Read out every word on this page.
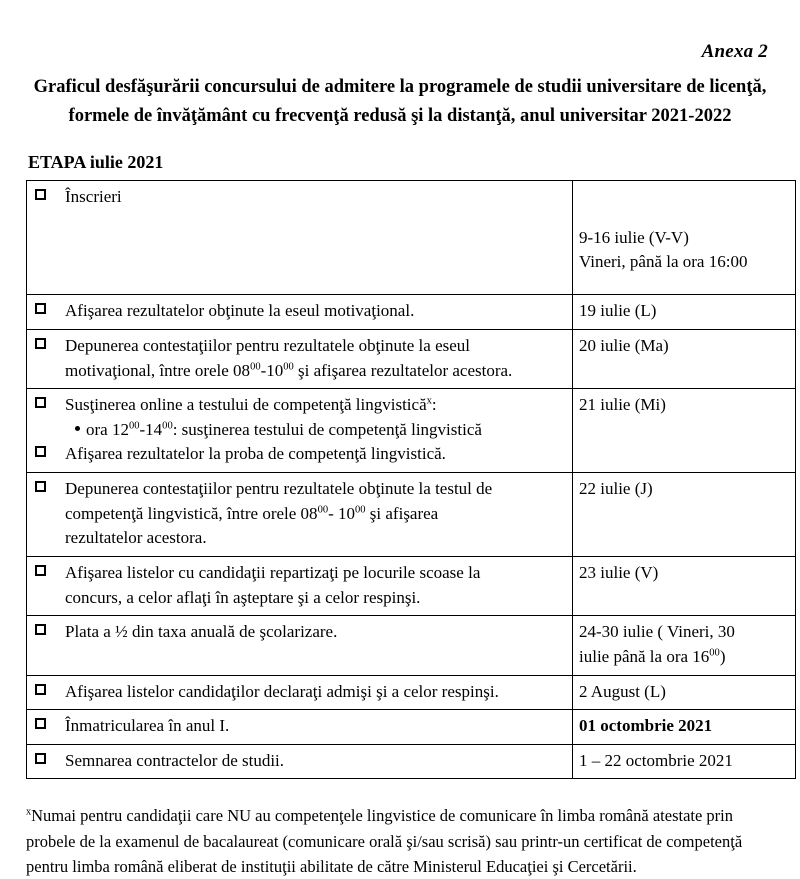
Anexa 2
Graficul desfăşurării concursului de admitere la programele de studii universitare de licenţă,
formele de învăţământ cu frecvenţă redusă şi la distanţă, anul universitar 2021-2022
ETAPA iulie 2021
Înscrieri	9-16 iulie (V-V)
Vineri, până la ora 16:00

Afişarea rezultatelor obţinute la eseul motivaţional.	19 iulie (L)

Depunerea contestaţiilor pentru rezultatele obţinute la eseul
motivaţional, între orele $08^{00}-10^{00}$ şi afişarea rezultatelor acestora.	20 iulie (Ma)

Susţinerea online a testului de competenţă lingvistică$^x$:
ora $12^{00}-14^{00}$: susţinerea testului de competenţă lingvistică
Afişarea rezultatelor la proba de competenţă lingvistică.	21 iulie (Mi)

Depunerea contestaţiilor pentru rezultatele obţinute la testul de
competenţă lingvistică, între orele $08^{00}-$ $10^{00}$ şi afişarea
rezultatelor acestora.	22 iulie (J)

Afişarea listelor cu candidaţii repartizaţi pe locurile scoase la
concurs, a celor aflaţi în aşteptare şi a celor respinşi.	23 iulie (V)

Plata a ½ din taxa anuală de şcolarizare.	24-30 iulie ( Vineri, 30
iulie până la ora $16^{00}$)

Afişarea listelor candidaţilor declaraţi admişi şi a celor respinşi.	2 August (L)

Înmatricularea în anul I.	01 octombrie 2021

Semnarea contractelor de studii.	1 – 22 octombrie 2021
$^x$Numai pentru candidaţii care NU au competenţele lingvistice de comunicare în limba română atestate prin probele de la examenul de bacalaureat (comunicare orală şi/sau scrisă) sau printr-un certificat de competenţă pentru limba română eliberat de instituţii abilitate de către Ministerul Educaţiei şi Cercetării.
